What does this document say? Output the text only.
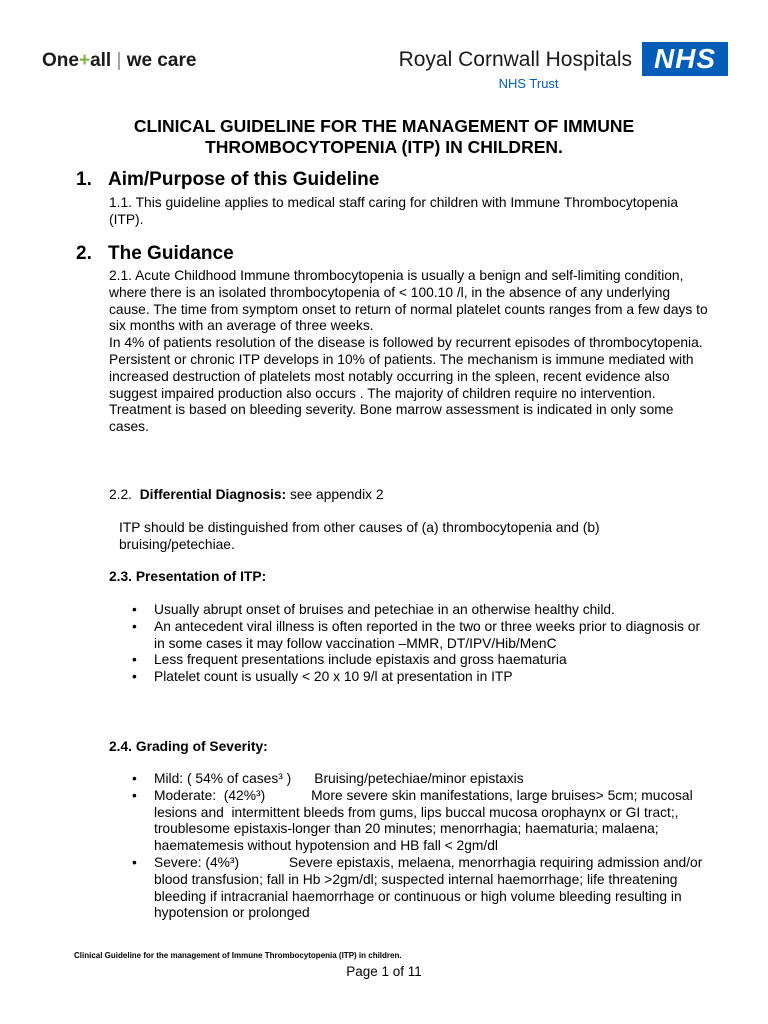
One+all | we care	Royal Cornwall Hospitals
NHS Trust
NHS
CLINICAL GUIDELINE FOR THE MANAGEMENT OF IMMUNE
THROMBOCYTOPENIA (ITP) IN CHILDREN.
1. Aim/Purpose of this Guideline
1.1. This guideline applies to medical staff caring for children with Immune Thrombocytopenia (ITP).
2. The Guidance
2.1. Acute Childhood Immune thrombocytopenia is usually a benign and self-limiting condition, where there is an isolated thrombocytopenia of < 100.10 /l, in the absence of any underlying cause. The time from symptom onset to return of normal platelet counts ranges from a few days to six months with an average of three weeks.
In 4% of patients resolution of the disease is followed by recurrent episodes of thrombocytopenia.
Persistent or chronic ITP develops in 10% of patients. The mechanism is immune mediated with increased destruction of platelets most notably occurring in the spleen, recent evidence also suggest impaired production also occurs . The majority of children require no intervention. Treatment is based on bleeding severity. Bone marrow assessment is indicated in only some cases.
2.2. Differential Diagnosis: see appendix 2
ITP should be distinguished from other causes of (a) thrombocytopenia and (b) bruising/petechiae.
2.3. Presentation of ITP:
• Usually abrupt onset of bruises and petechiae in an otherwise healthy child.
• An antecedent viral illness is often reported in the two or three weeks prior to diagnosis or in some cases it may follow vaccination –MMR, DT/IPV/Hib/MenC
• Less frequent presentations include epistaxis and gross haematuria
• Platelet count is usually < 20 x 10 9/l at presentation in ITP
2.4. Grading of Severity:
• Mild: ( 54% of cases³ )      Bruising/petechiae/minor epistaxis
• Moderate:  (42%³)            More severe skin manifestations, large bruises> 5cm; mucosal lesions and  intermittent bleeds from gums, lips buccal mucosa orophaynx or GI tract;, troublesome epistaxis-longer than 20 minutes; menorrhagia; haematuria; malaena; haematemesis without hypotension and HB fall < 2gm/dl
• Severe: (4%³)             Severe epistaxis, melaena, menorrhagia requiring admission and/or blood transfusion; fall in Hb >2gm/dl; suspected internal haemorrhage; life threatening bleeding if intracranial haemorrhage or continuous or high volume bleeding resulting in hypotension or prolonged
Clinical Guideline for the management of Immune Thrombocytopenia (ITP) in children.
Page 1 of 11
